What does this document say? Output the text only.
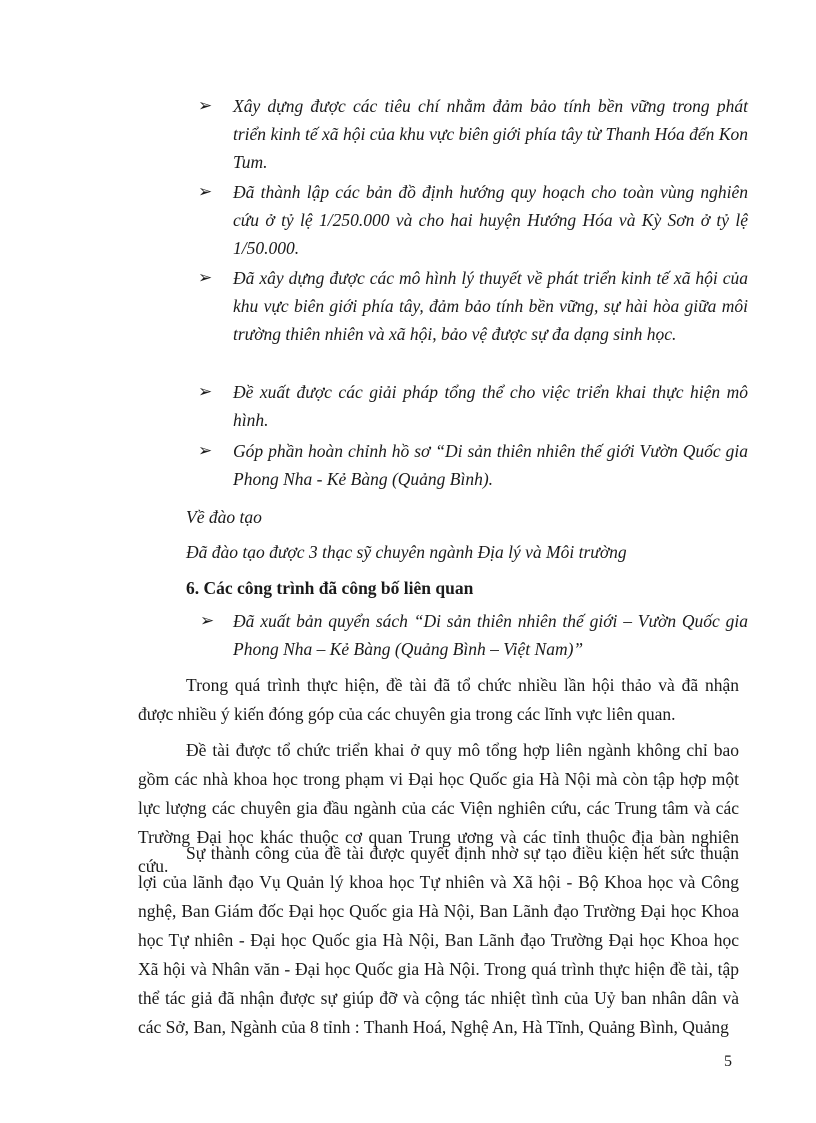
➢ Xây dựng được các tiêu chí nhằm đảm bảo tính bền vững trong phát triển kinh tế xã hội của khu vực biên giới phía tây từ Thanh Hóa đến Kon Tum.
➢ Đã thành lập các bản đồ định hướng quy hoạch cho toàn vùng nghiên cứu ở tỷ lệ 1/250.000 và cho hai huyện Hướng Hóa và Kỳ Sơn ở tỷ lệ 1/50.000.
➢ Đã xây dựng được các mô hình lý thuyết về phát triển kinh tế xã hội của khu vực biên giới phía tây, đảm bảo tính bền vững, sự hài hòa giữa môi trường thiên nhiên và xã hội, bảo vệ được sự đa dạng sinh học.
➢ Đề xuất được các giải pháp tổng thể cho việc triển khai thực hiện mô hình.
➢ Góp phần hoàn chỉnh hồ sơ “Di sản thiên nhiên thế giới Vườn Quốc gia Phong Nha - Kẻ Bàng (Quảng Bình).
Về đào tạo
Đã đào tạo được 3 thạc sỹ chuyên ngành Địa lý và Môi trường
6. Các công trình đã công bố liên quan
➢ Đã xuất bản quyển sách “Di sản thiên nhiên thế giới – Vườn Quốc gia Phong Nha – Kẻ Bàng (Quảng Bình – Việt Nam)”
Trong quá trình thực hiện, đề tài đã tổ chức nhiều lần hội thảo và đã nhận được nhiều ý kiến đóng góp của các chuyên gia trong các lĩnh vực liên quan.
Đề tài được tổ chức triển khai ở quy mô tổng hợp liên ngành không chỉ bao gồm các nhà khoa học trong phạm vi Đại học Quốc gia Hà Nội mà còn tập hợp một lực lượng các chuyên gia đầu ngành của các Viện nghiên cứu, các Trung tâm và các Trường Đại học khác thuộc cơ quan Trung ương và các tỉnh thuộc địa bàn nghiên cứu.
Sự thành công của đề tài được quyết định nhờ sự tạo điều kiện hết sức thuận lợi của lãnh đạo Vụ Quản lý khoa học Tự nhiên và Xã hội - Bộ Khoa học và Công nghệ, Ban Giám đốc Đại học Quốc gia Hà Nội, Ban Lãnh đạo Trường Đại học Khoa học Tự nhiên - Đại học Quốc gia Hà Nội, Ban Lãnh đạo Trường Đại học Khoa học Xã hội và Nhân văn - Đại học Quốc gia Hà Nội. Trong quá trình thực hiện đề tài, tập thể tác giả đã nhận được sự giúp đỡ và cộng tác nhiệt tình của Uỷ ban nhân dân và các Sở, Ban, Ngành của 8 tỉnh : Thanh Hoá, Nghệ An, Hà Tĩnh, Quảng Bình, Quảng
5
